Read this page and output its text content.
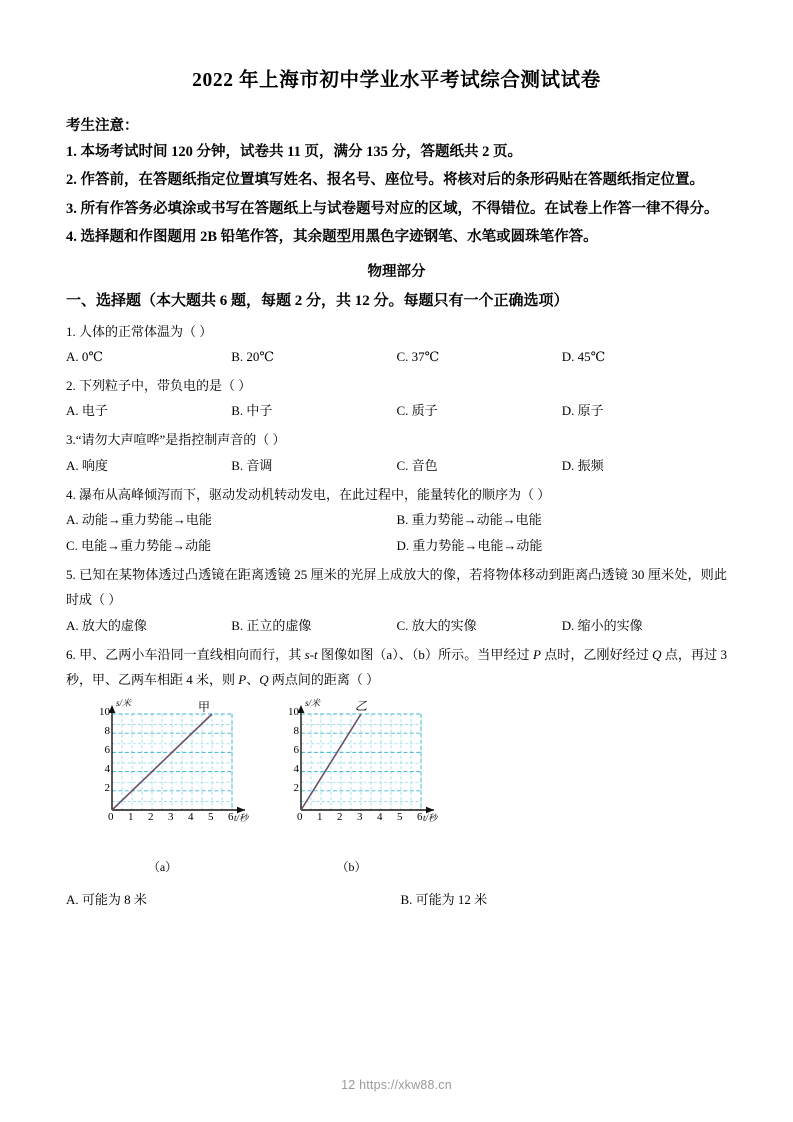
2022 年上海市初中学业水平考试综合测试试卷
考生注意：
1. 本场考试时间 120 分钟，试卷共 11 页，满分 135 分，答题纸共 2 页。
2. 作答前，在答题纸指定位置填写姓名、报名号、座位号。将核对后的条形码贴在答题纸指定位置。
3. 所有作答务必填涂或书写在答题纸上与试卷题号对应的区域，不得错位。在试卷上作答一律不得分。
4. 选择题和作图题用 2B 铅笔作答，其余题型用黑色字迹钢笔、水笔或圆珠笔作答。
物理部分
一、选择题（本大题共 6 题，每题 2 分，共 12 分。每题只有一个正确选项）
1. 人体的正常体温为（ ）
A. 0℃	B. 20℃	C. 37℃	D. 45℃
2. 下列粒子中，带负电的是（ ）
A. 电子	B. 中子	C. 质子	D. 原子
3.“请勿大声喧哗”是指控制声音的（ ）
A. 响度	B. 音调	C. 音色	D. 振频
4. 瀑布从高峰倾泻而下，驱动发动机转动发电，在此过程中，能量转化的顺序为（ ）
A. 动能→重力势能→电能	B. 重力势能→动能→电能
C. 电能→重力势能→动能	D. 重力势能→电能→动能
5. 已知在某物体透过凸透镜在距离透镜 25 厘米的光屏上成放大的像，若将物体移动到距离凸透镜 30 厘米处，则此时成（ ）
A. 放大的虚像	B. 正立的虚像	C. 放大的实像	D. 缩小的实像
6. 甲、乙两小车沿同一直线相向而行，其 s-t 图像如图（a）、（b）所示。当甲经过 P 点时，乙刚好经过 Q 点，再过 3 秒，甲、乙两车相距 4 米，则 P、Q 两点间的距离（ ）
s/米	甲
t/秒
10
8
6
4
2
0 1 2 3 4 5 6
（a）
s/米	乙
t/秒
10
8
6
4
2
0 1 2 3 4 5 6
（b）
A. 可能为 8 米	B. 可能为 12 米
12 https://xkw88.cn
